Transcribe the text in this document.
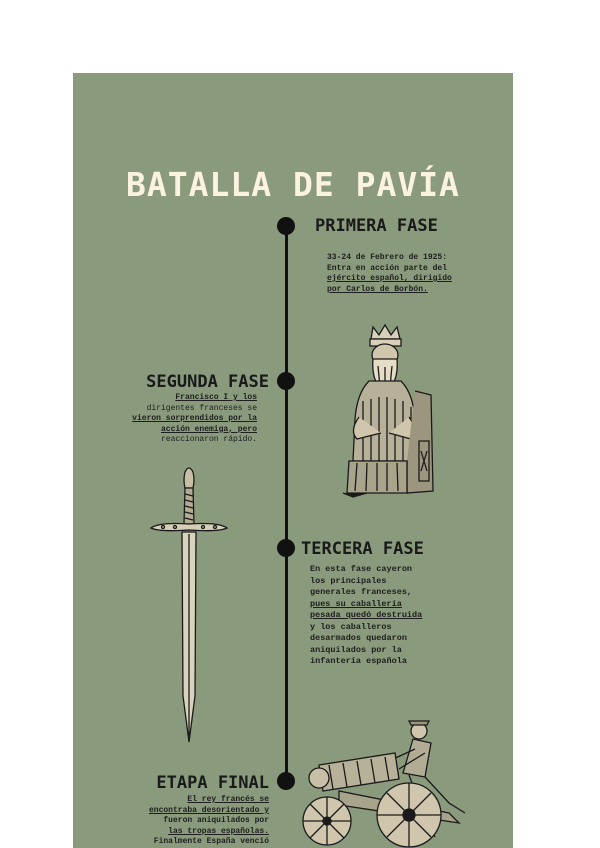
BATALLA DE PAVÍA
PRIMERA FASE

33-24 de Febrero de 1925:

Entra en acción parte del

ejército español, dirigido

por Carlos de Borbón.

SEGUNDA FASE

Francisco I y los

dirigentes franceses se

vieron sorprendidos por la

acción enemiga, pero

reaccionaron rápido.

TERCERA FASE

En esta fase cayeron

los principales

generales franceses,

pues su caballería

pesada quedó destruida

y los caballeros

desarmados quedaron

aniquilados por la

infantería española

ETAPA FINAL

El rey francés se

encontraba desorientado y

fueron aniquilados por

las tropas españolas.

Finalmente España venció
